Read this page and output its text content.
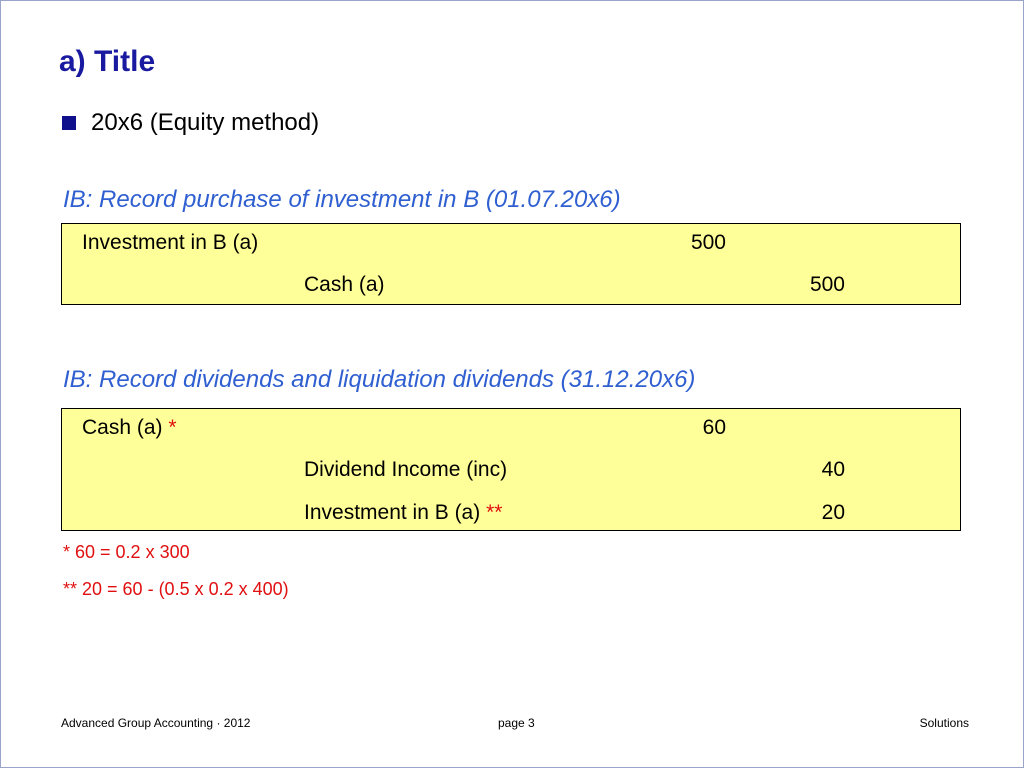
a) Title
20x6 (Equity method)
IB: Record purchase of investment in B (01.07.20x6)
Investment in B (a)	500
Cash (a)	500
IB: Record dividends and liquidation dividends (31.12.20x6)
Cash (a) *	60
Dividend Income (inc)	40
Investment in B (a) **	20
* 60 = 0.2 x 300
** 20 = 60 - (0.5 x 0.2 x 400)
Advanced Group Accounting · 2012	page 3	Solutions
